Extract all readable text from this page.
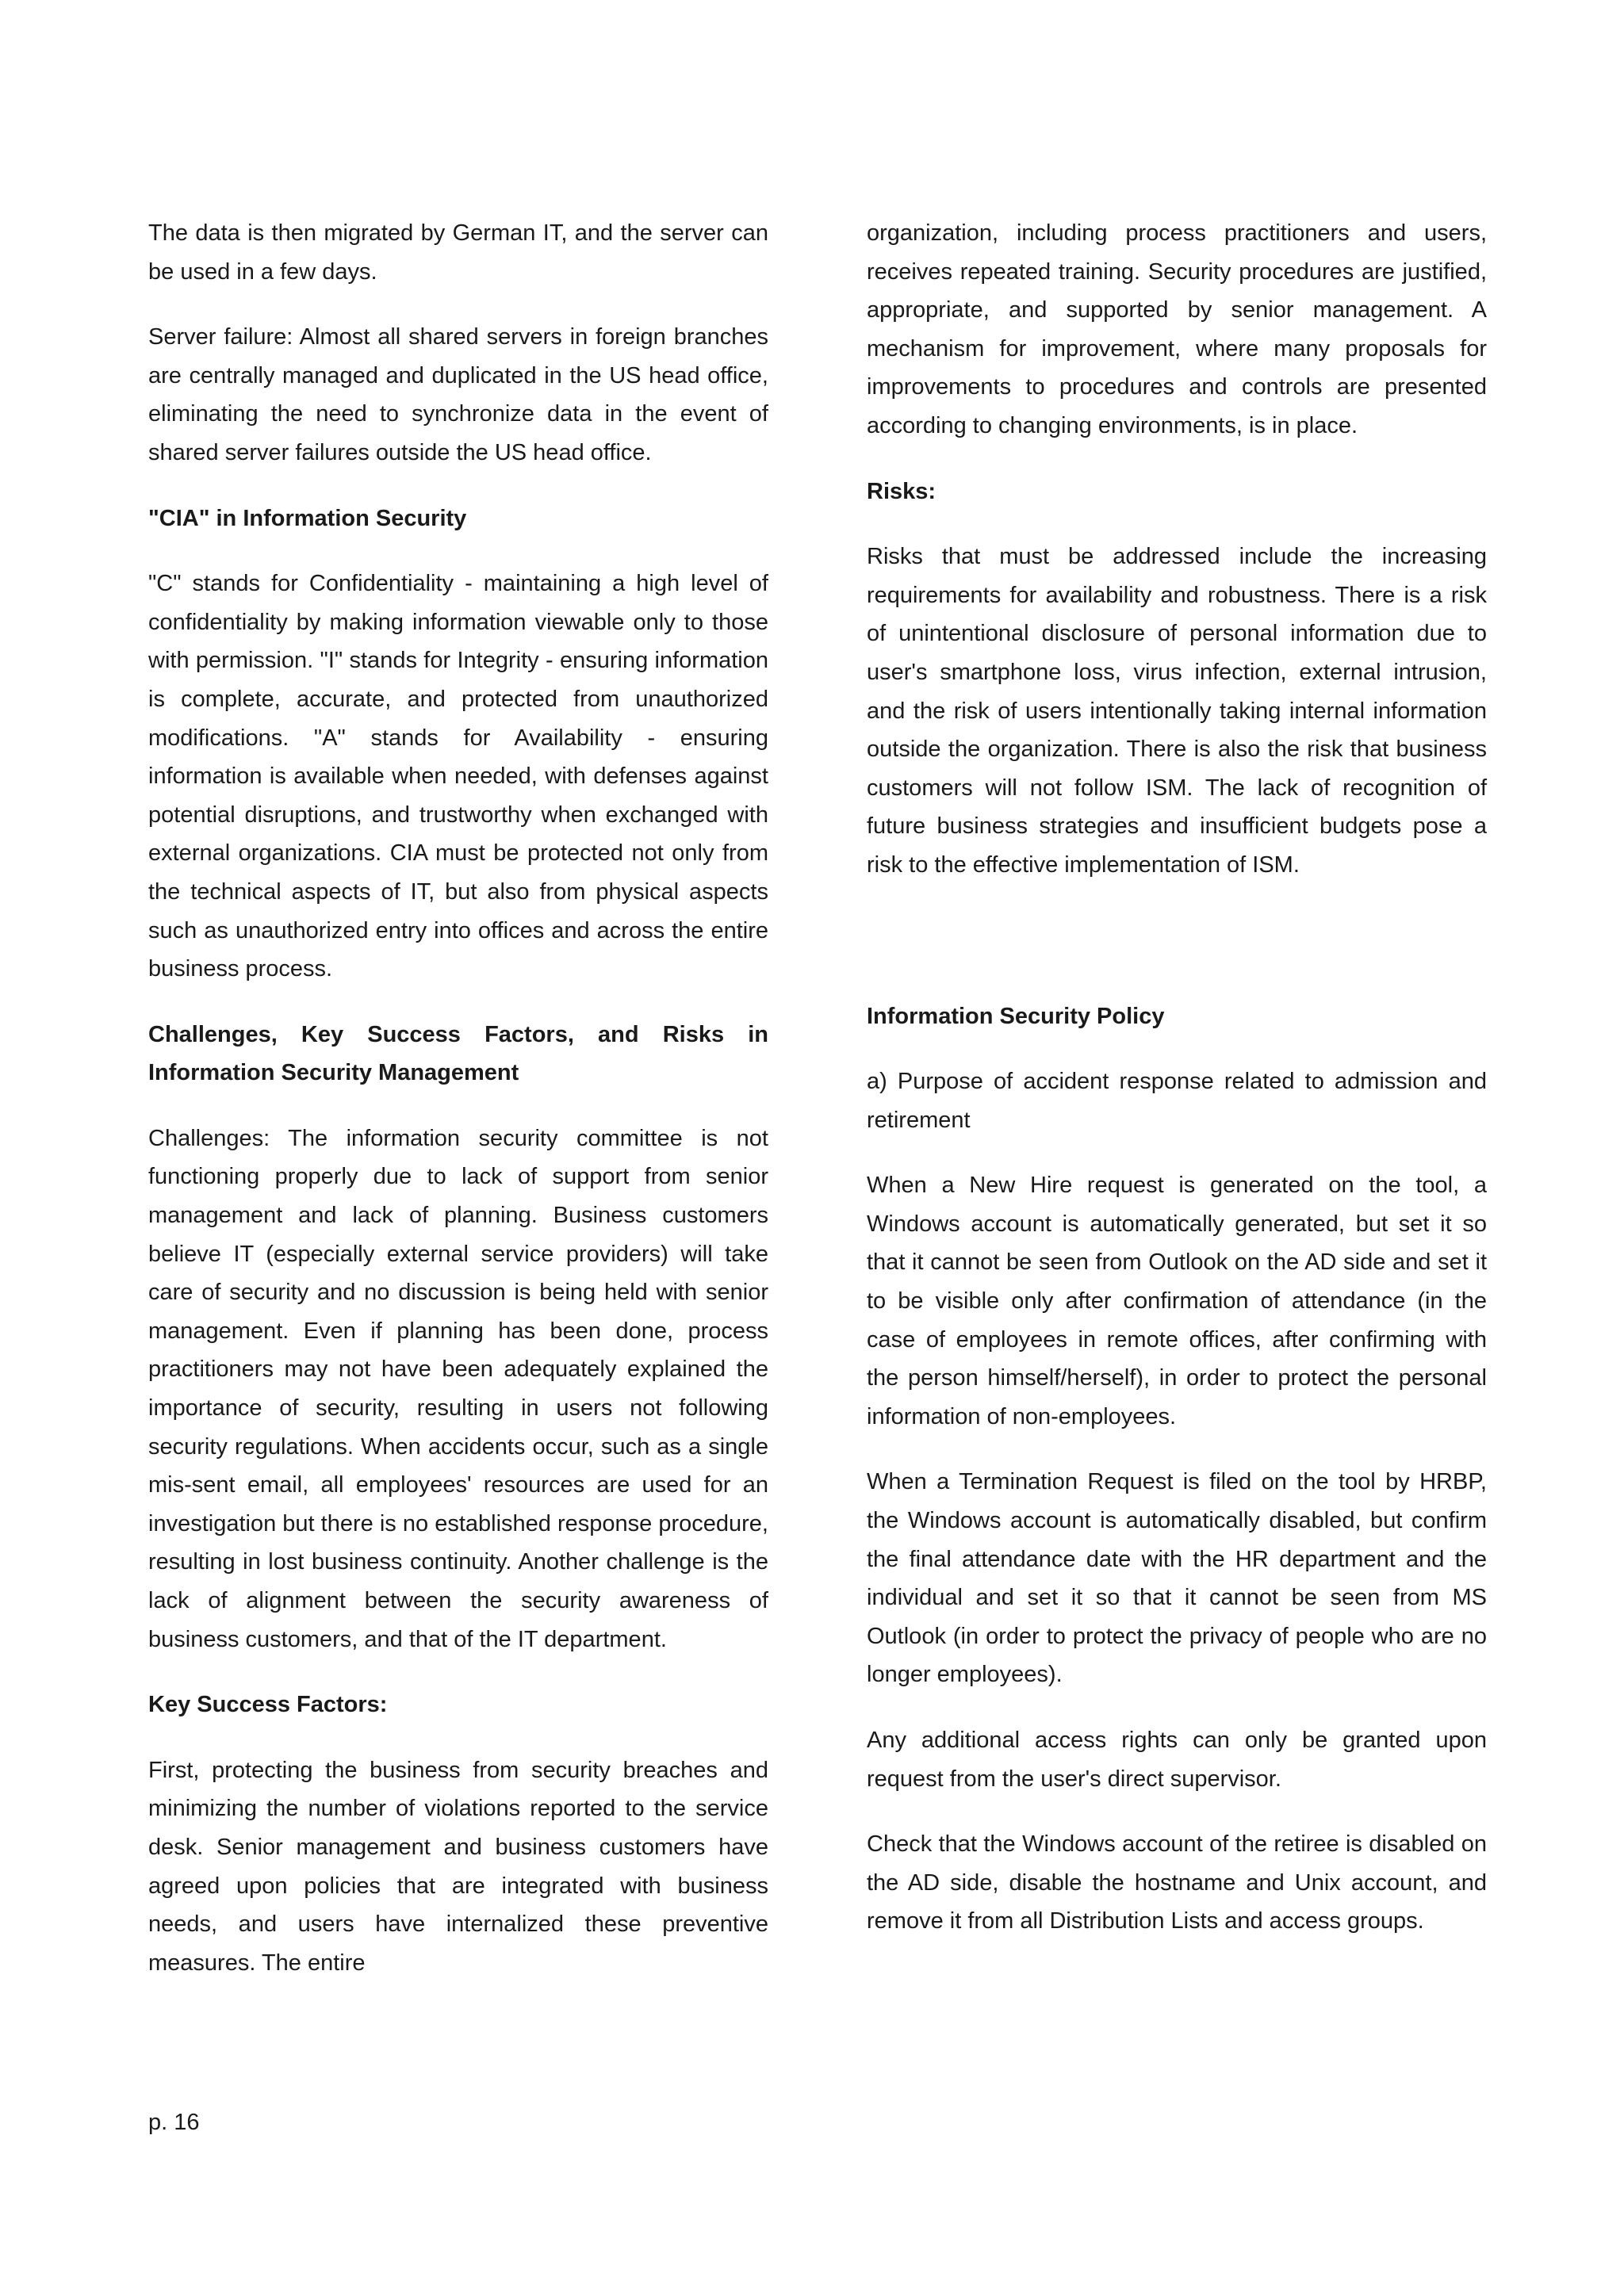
The data is then migrated by German IT, and the server can be used in a few days.

Server failure: Almost all shared servers in foreign branches are centrally managed and duplicated in the US head office, eliminating the need to synchronize data in the event of shared server failures outside the US head office.

"CIA" in Information Security

"C" stands for Confidentiality - maintaining a high level of confidentiality by making information viewable only to those with permission. "I" stands for Integrity - ensuring information is complete, accurate, and protected from unauthorized modifications. "A" stands for Availability - ensuring information is available when needed, with defenses against potential disruptions, and trustworthy when exchanged with external organizations. CIA must be protected not only from the technical aspects of IT, but also from physical aspects such as unauthorized entry into offices and across the entire business process.

Challenges, Key Success Factors, and Risks in Information Security Management

Challenges: The information security committee is not functioning properly due to lack of support from senior management and lack of planning. Business customers believe IT (especially external service providers) will take care of security and no discussion is being held with senior management. Even if planning has been done, process practitioners may not have been adequately explained the importance of security, resulting in users not following security regulations. When accidents occur, such as a single mis-sent email, all employees' resources are used for an investigation but there is no established response procedure, resulting in lost business continuity. Another challenge is the lack of alignment between the security awareness of business customers, and that of the IT department.

Key Success Factors:

First, protecting the business from security breaches and minimizing the number of violations reported to the service desk. Senior management and business customers have agreed upon policies that are integrated with business needs, and users have internalized these preventive measures. The entire

organization, including process practitioners and users, receives repeated training. Security procedures are justified, appropriate, and supported by senior management. A mechanism for improvement, where many proposals for improvements to procedures and controls are presented according to changing environments, is in place.

Risks:

Risks that must be addressed include the increasing requirements for availability and robustness. There is a risk of unintentional disclosure of personal information due to user's smartphone loss, virus infection, external intrusion, and the risk of users intentionally taking internal information outside the organization. There is also the risk that business customers will not follow ISM. The lack of recognition of future business strategies and insufficient budgets pose a risk to the effective implementation of ISM.

Information Security Policy

a) Purpose of accident response related to admission and retirement

When a New Hire request is generated on the tool, a Windows account is automatically generated, but set it so that it cannot be seen from Outlook on the AD side and set it to be visible only after confirmation of attendance (in the case of employees in remote offices, after confirming with the person himself/herself), in order to protect the personal information of non-employees.

When a Termination Request is filed on the tool by HRBP, the Windows account is automatically disabled, but confirm the final attendance date with the HR department and the individual and set it so that it cannot be seen from MS Outlook (in order to protect the privacy of people who are no longer employees).

Any additional access rights can only be granted upon request from the user's direct supervisor.

Check that the Windows account of the retiree is disabled on the AD side, disable the hostname and Unix account, and remove it from all Distribution Lists and access groups.

p. 16
